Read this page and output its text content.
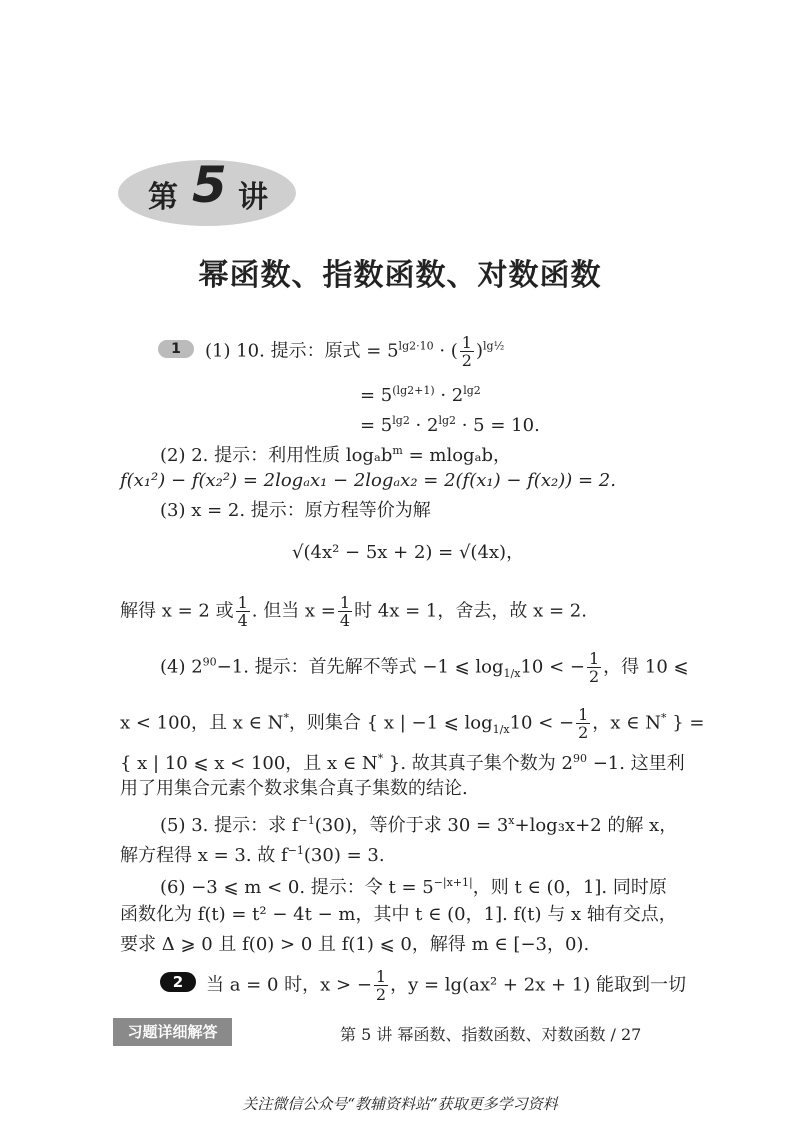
第 5 讲
幂函数、指数函数、对数函数
1	(1) 10. 提示：原式 = $5^{lg2\cdot 10}$ · ( $\frac{1}{2} )^{lg\frac{1}{2}}$
= $5^{(lg2+1)} \cdot 2^{lg2}$
= $5^{lg2} \cdot 2^{lg2} \cdot 5 = 10$.
(2) 2. 提示：利用性质 logₐb$^m$ = mlogₐb，
f(x₁²) − f(x₂²) = 2logₐx₁ − 2logₐx₂ = 2(f(x₁) − f(x₂)) = 2.
(3) x = 2. 提示：原方程等价为解
√(4x² − 5x + 2) = √(4x)，
解得 x = 2 或 $\frac{1}{4}$ . 但当 $x = \frac{1}{4}$ 时 4x = 1，舍去，故 x = 2.
(4) $2^{90}-1$. 提示：首先解不等式 −1 ⩽ $\log_{1/x}10$ < − $\frac{1}{2}$ ，得 10 ⩽
x < 100，且 x ∈ N*，则集合 { x | −1 ⩽ $\log_{1/x}10$ < − $\frac{1}{2}$ ，x ∈ N* } =
{ x | 10 ⩽ x < 100，且 x ∈ N* }. 故其真子集个数为 $2^{90} -1$. 这里利
用了用集合元素个数求集合真子集数的结论.
(5) 3. 提示：求 $f^{-1}(30)$，等价于求 $30 = 3^x+\log_3x+2$ 的解 x，
解方程得 x = 3. 故 $f^{-1}(30) = 3$.
(6) −3 ⩽ m < 0. 提示：令 $t = 5^{-|x+1|}$，则 t ∈ (0，1]. 同时原
函数化为 f(t) = t² − 4t − m，其中 t ∈ (0，1]. f(t) 与 x 轴有交点，
要求 Δ ⩾ 0 且 f(0) > 0 且 f(1) ⩽ 0，解得 m ∈ [−3，0).
2	当 a = 0 时，x > − $\frac{1}{2}$ ，y = lg(ax² + 2x + 1) 能取到一切
习题详细解答	第 5 讲 幂函数、指数函数、对数函数 / 27
关注微信公众号“教辅资料站”获取更多学习资料
